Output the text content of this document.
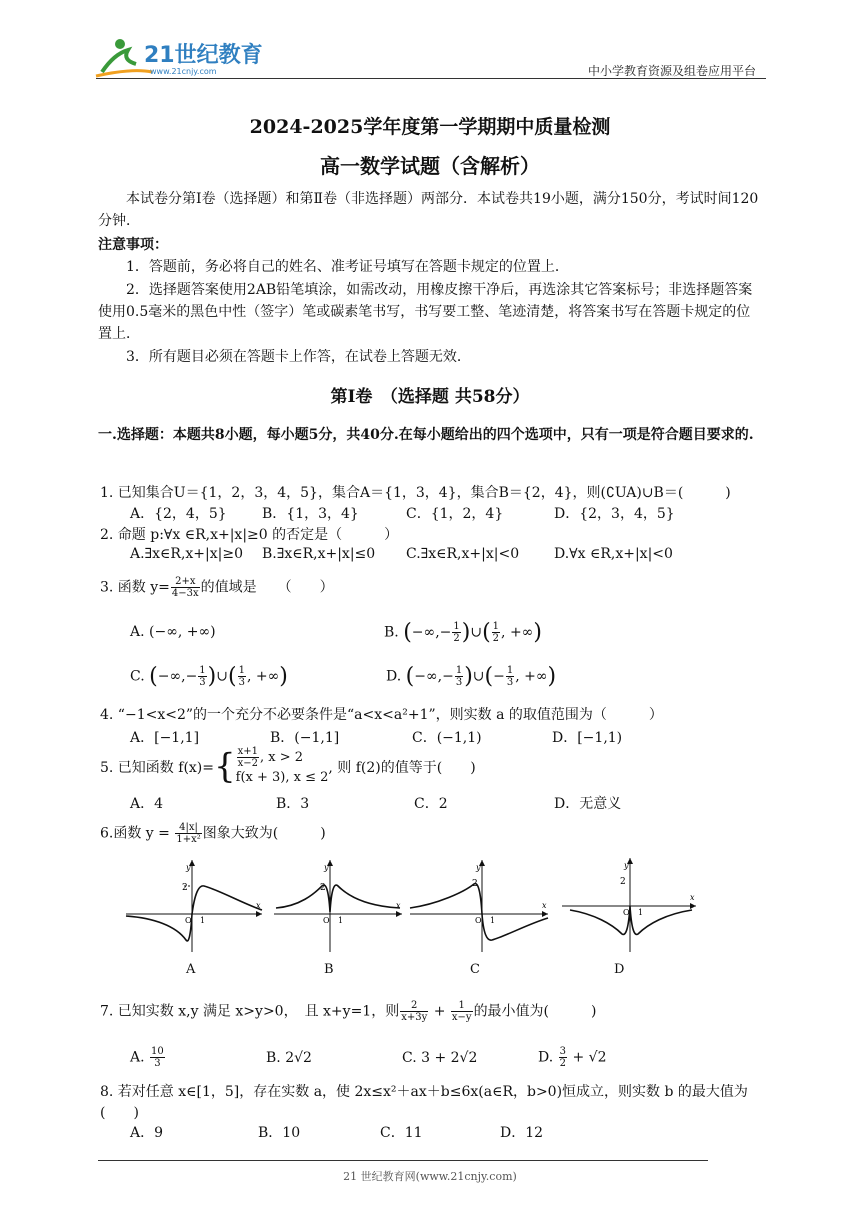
21世纪教育
www.21cnjy.com	中小学教育资源及组卷应用平台
2024-2025学年度第一学期期中质量检测
高一数学试题（含解析）
本试卷分第Ⅰ卷（选择题）和第Ⅱ卷（非选择题）两部分．本试卷共19小题，满分150分，考试时间120分钟．
注意事项：
1．答题前，务必将自己的姓名、准考证号填写在答题卡规定的位置上．
2．选择题答案使用2AB铅笔填涂，如需改动，用橡皮擦干净后，再选涂其它答案标号；非选择题答案使用0.5毫米的黑色中性（签字）笔或碳素笔书写，书写要工整、笔迹清楚，将答案书写在答题卡规定的位置上．
3．所有题目必须在答题卡上作答，在试卷上答题无效．
第Ⅰ卷　（选择题 共58分）
一.选择题：本题共8小题，每小题5分，共40分.在每小题给出的四个选项中，只有一项是符合题目要求的.
1. 已知集合U＝{1，2，3，4，5}，集合A＝{1，3，4}，集合B＝{2，4}，则(∁UA)∪B＝(　　　)
A．{2，4，5}	B．{1，3，4}	C．{1，2，4}	D．{2，3，4，5}
2. 命题 p:∀x ∈R,x+|x|≥0 的否定是（　　　）
A.∃x∈R,x+|x|≥0 B.∃x∈R,x+|x|≤0 C.∃x∈R,x+|x|<0 D.∀x ∈R,x+|x|<0
3. 函数 $y= \frac{2+x}{4-3x}$ 的值域是　　（　　）
A. (−∞, +∞)	B. (−∞,− $\frac{1}{2}$ )∪( $\frac{1}{2}$ , +∞)
C. (−∞,− $\frac{1}{3}$ )∪( $\frac{1}{3}$ , +∞)	D. (−∞,− $\frac{1}{3}$ )∪(− $\frac{1}{3}$ , +∞)
4. “−1<x<2”的一个充分不必要条件是“a<x<a²+1”，则实数 a 的取值范围为（　　　）
A．[−1,1]	B．(−1,1]	C．(−1,1)	D．[−1,1)
5. 已知函数 $f(x)=\{ \frac{x+1}{x-2}$ , x > 2
f(x + 3), x ≤ 2
, 则 f(2)的值等于(　　)
A．4	B．3	C．2	D．无意义
6.函数 $y = \frac{4|x|}{\text{1+x²}}$ 图象大致为(　　　)
2
y
x
O 1
2
y
x
O 1
2
y
x
O 1
2
y
x
O 1
A	B	C	D
7. 已知实数 x,y 满足 x>y>0，　且 x+y=1，则 $\frac{2}{x+3y} + \frac{1}{x-y}$ 的最小值为(　　　)
A. $\frac{10}{3}$	B. 2√2	C. 3 + 2√2	D. $\frac{3}{2} + √2$
8. 若对任意 x∈[1，5]，存在实数 a，使 2x≤x²＋ax＋b≤6x(a∈R，b>0)恒成立，则实数 b 的最大值为(　　)
A．9	B．10	C．11	D．12
21 世纪教育网(www.21cnjy.com)
